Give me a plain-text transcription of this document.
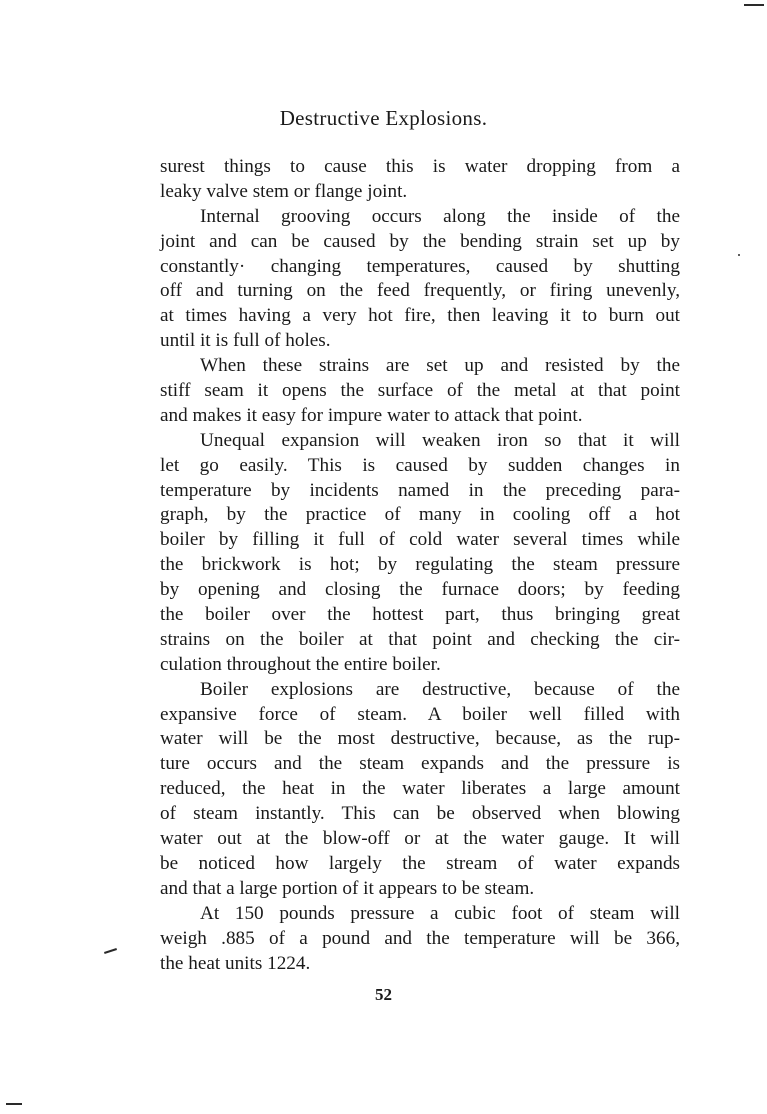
Destructive Explosions.
surest things to cause this is water dropping from a
leaky valve stem or flange joint.
Internal grooving occurs along the inside of the
joint and can be caused by the bending strain set up by
constantly· changing temperatures, caused by shutting
off and turning on the feed frequently, or firing unevenly,
at times having a very hot fire, then leaving it to burn out
until it is full of holes.
When these strains are set up and resisted by the
stiff seam it opens the surface of the metal at that point
and makes it easy for impure water to attack that point.
Unequal expansion will weaken iron so that it will
let go easily. This is caused by sudden changes in
temperature by incidents named in the preceding para-
graph, by the practice of many in cooling off a hot
boiler by filling it full of cold water several times while
the brickwork is hot; by regulating the steam pressure
by opening and closing the furnace doors; by feeding
the boiler over the hottest part, thus bringing great
strains on the boiler at that point and checking the cir-
culation throughout the entire boiler.
Boiler explosions are destructive, because of the
expansive force of steam. A boiler well filled with
water will be the most destructive, because, as the rup-
ture occurs and the steam expands and the pressure is
reduced, the heat in the water liberates a large amount
of steam instantly. This can be observed when blowing
water out at the blow-off or at the water gauge. It will
be noticed how largely the stream of water expands
and that a large portion of it appears to be steam.
At 150 pounds pressure a cubic foot of steam will
weigh .885 of a pound and the temperature will be 366,
the heat units 1224.
52
